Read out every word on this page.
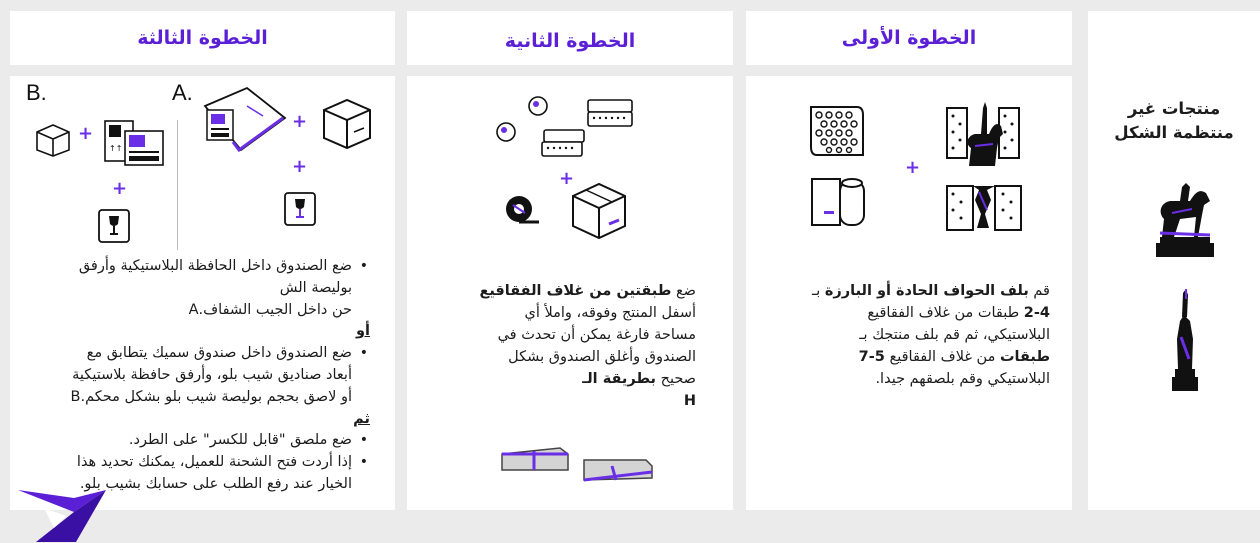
الخطوة الثالثة	الخطوة الثانية	الخطوة الأولى
منتجات غير
منتظمة الشكل
+
قم بلف الحواف الحادة أو البارزة بـ
2-4 طبقات من غلاف الفقاقيع
البلاستيكي، ثم قم بلف منتجك بـ
طبقات من غلاف الفقاقيع 5-7
البلاستيكي وقم بلصقهم جيدا.
+
ضع طبقتين من غلاف الفقاقيع
أسفل المنتج وفوقه، واملأ أي
مساحة فارغة يمكن أن تحدث في
الصندوق وأغلق الصندوق بشكل
صحيح بطريقة الـ
H
B.	A.
+
+
+
↑↑
+
• ضع الصندوق داخل الحافظة البلاستيكية وأرفق
بوليصة الش
حن داخل الجيب الشفاف.A
أو
• ضع الصندوق داخل صندوق سميك يتطابق مع
أبعاد صناديق شيب بلو، وأرفق حافظة بلاستيكية
أو لاصق بحجم بوليصة شيب بلو بشكل محكم.B
ثم
• ضع ملصق "قابل للكسر" على الطرد.
• إذا أردت فتح الشحنة للعميل، يمكنك تحديد هذا
الخيار عند رفع الطلب على حسابك بشيب بلو.
